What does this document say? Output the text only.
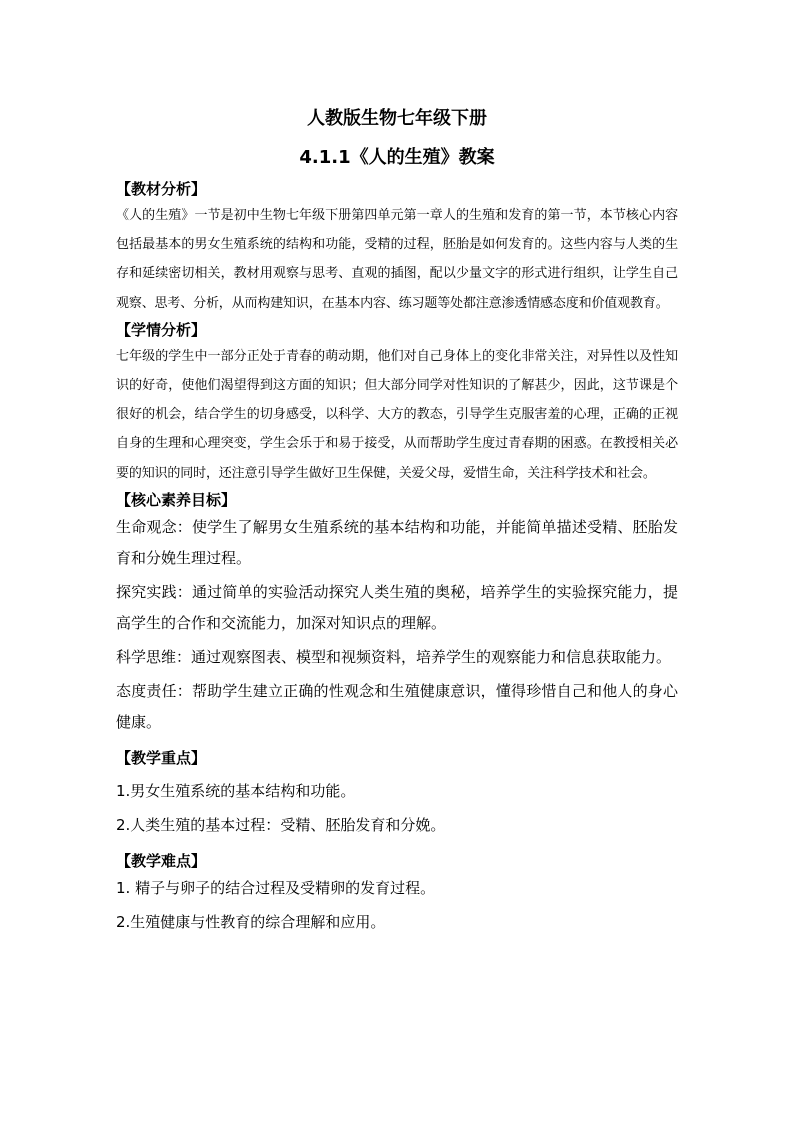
人教版生物七年级下册
4.1.1《人的生殖》教案

【教材分析】

《人的生殖》一节是初中生物七年级下册第四单元第一章人的生殖和发育的第一节，本节核心内容包括最基本的男女生殖系统的结构和功能，受精的过程，胚胎是如何发育的。这些内容与人类的生存和延续密切相关，教材用观察与思考、直观的插图，配以少量文字的形式进行组织，让学生自己观察、思考、分析，从而构建知识，在基本内容、练习题等处都注意渗透情感态度和价值观教育。

【学情分析】

七年级的学生中一部分正处于青春的萌动期，他们对自己身体上的变化非常关注，对异性以及性知识的好奇，使他们渴望得到这方面的知识；但大部分同学对性知识的了解甚少，因此，这节课是个很好的机会，结合学生的切身感受，以科学、大方的教态，引导学生克服害羞的心理，正确的正视自身的生理和心理突变，学生会乐于和易于接受，从而帮助学生度过青春期的困惑。在教授相关必要的知识的同时，还注意引导学生做好卫生保健，关爱父母，爱惜生命，关注科学技术和社会。

【核心素养目标】

生命观念：使学生了解男女生殖系统的基本结构和功能，并能简单描述受精、胚胎发育和分娩生理过程。

探究实践：通过简单的实验活动探究人类生殖的奥秘，培养学生的实验探究能力，提高学生的合作和交流能力，加深对知识点的理解。

科学思维：通过观察图表、模型和视频资料，培养学生的观察能力和信息获取能力。

态度责任：帮助学生建立正确的性观念和生殖健康意识，懂得珍惜自己和他人的身心健康。

【教学重点】

1.男女生殖系统的基本结构和功能。

2.人类生殖的基本过程：受精、胚胎发育和分娩。

【教学难点】

1. 精子与卵子的结合过程及受精卵的发育过程。

2.生殖健康与性教育的综合理解和应用。
